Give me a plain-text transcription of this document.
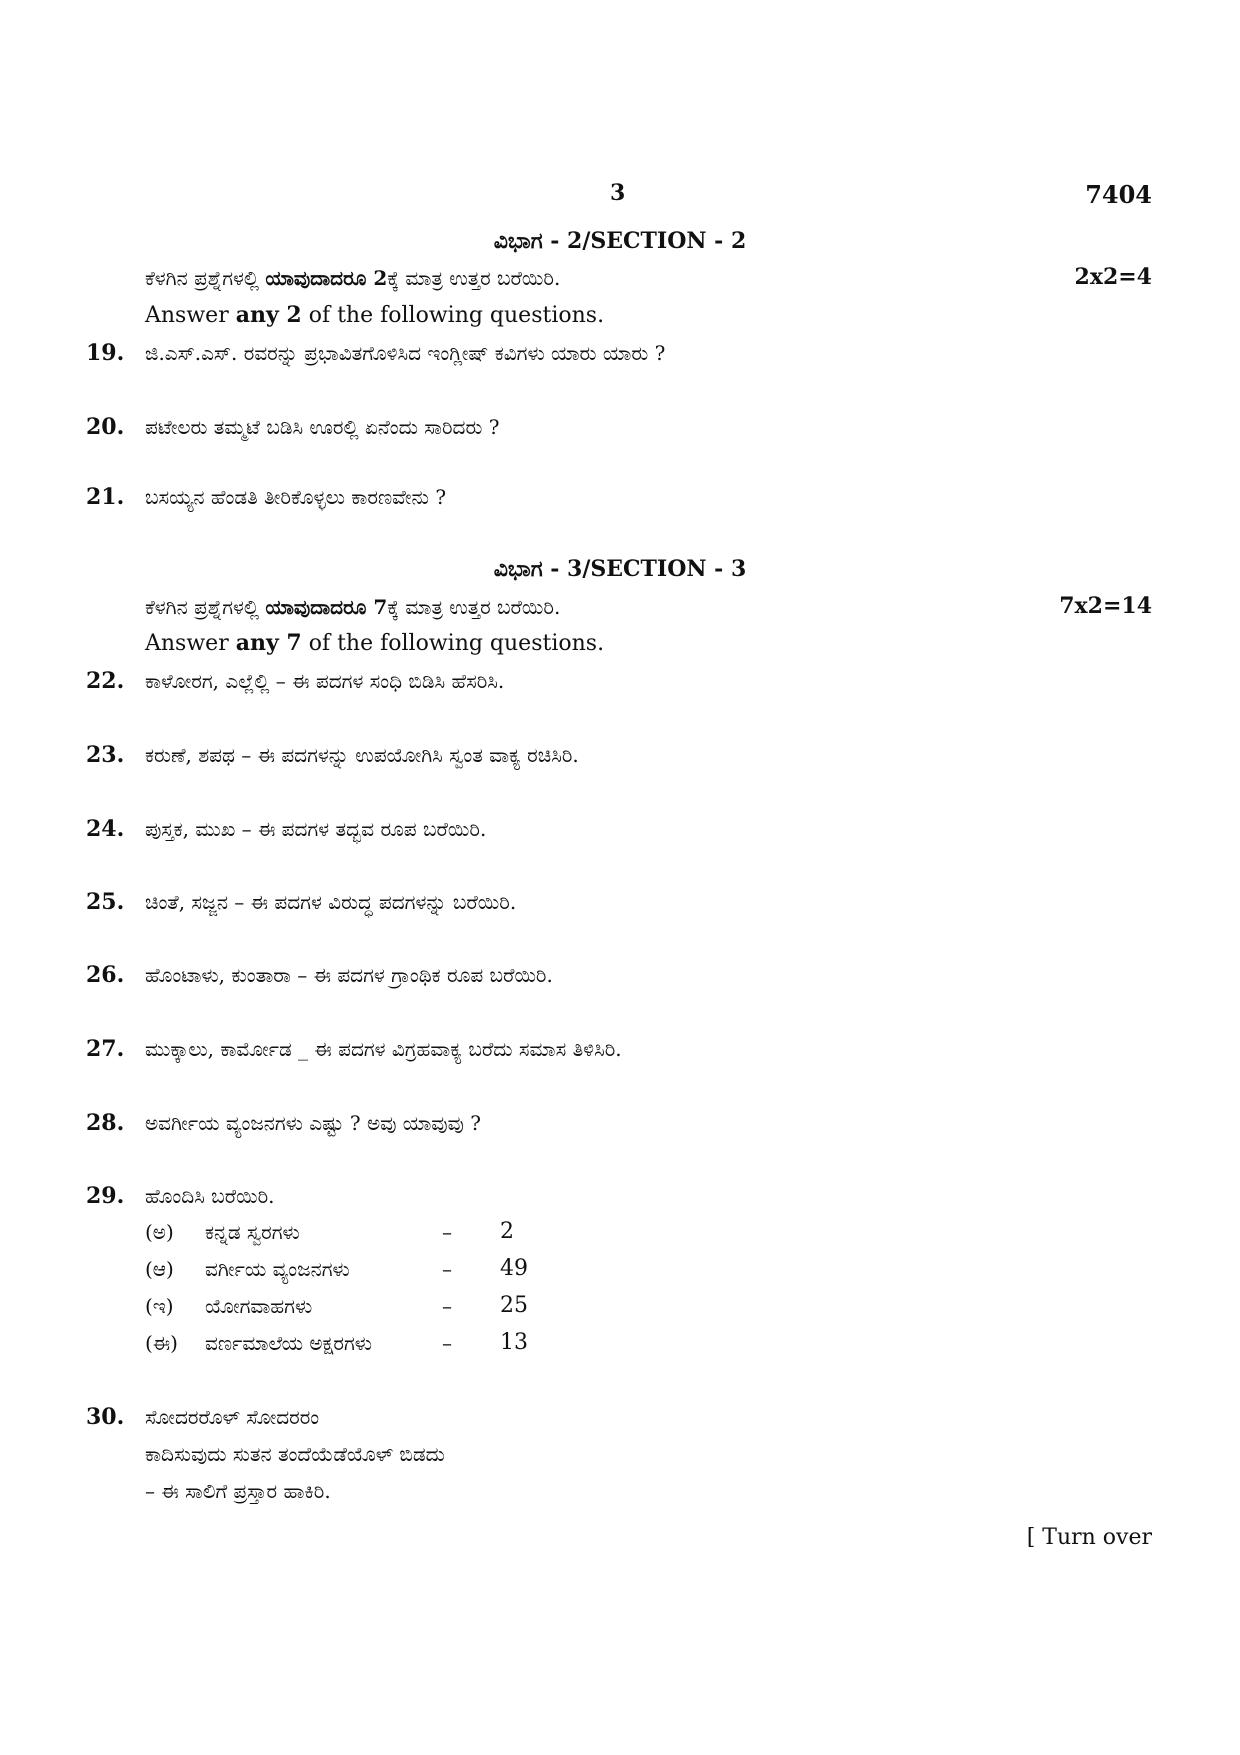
3	7404
ವಿಭಾಗ - 2/SECTION - 2
ಕೆಳಗಿನ ಪ್ರಶ್ನೆಗಳಲ್ಲಿ ಯಾವುದಾದರೂ 2ಕ್ಕೆ ಮಾತ್ರ ಉತ್ತರ ಬರೆಯಿರಿ.	2x2=4
Answer any 2 of the following questions.
19.	ಜಿ.ಎಸ್.ಎಸ್. ರವರನ್ನು ಪ್ರಭಾವಿತಗೊಳಿಸಿದ ಇಂಗ್ಲೀಷ್ ಕವಿಗಳು ಯಾರು ಯಾರು ?
20.	ಪಟೇಲರು ತಮ್ಮಟೆ ಬಡಿಸಿ ಊರಲ್ಲಿ ಏನೆಂದು ಸಾರಿದರು ?
21.	ಬಸಯ್ಯನ ಹೆಂಡತಿ ತೀರಿಕೊಳ್ಳಲು ಕಾರಣವೇನು ?
ವಿಭಾಗ - 3/SECTION - 3
ಕೆಳಗಿನ ಪ್ರಶ್ನೆಗಳಲ್ಲಿ ಯಾವುದಾದರೂ 7ಕ್ಕೆ ಮಾತ್ರ ಉತ್ತರ ಬರೆಯಿರಿ.	7x2=14
Answer any 7 of the following questions.
22.	ಕಾಳೋರಗ, ಎಲ್ಲೆಲ್ಲಿ – ಈ ಪದಗಳ ಸಂಧಿ ಬಿಡಿಸಿ ಹೆಸರಿಸಿ.
23.	ಕರುಣೆ, ಶಪಥ – ಈ ಪದಗಳನ್ನು ಉಪಯೋಗಿಸಿ ಸ್ವಂತ ವಾಕ್ಯ ರಚಿಸಿರಿ.
24.	ಪುಸ್ತಕ, ಮುಖ – ಈ ಪದಗಳ ತದ್ಭವ ರೂಪ ಬರೆಯಿರಿ.
25.	ಚಿಂತೆ, ಸಜ್ಜನ – ಈ ಪದಗಳ ವಿರುದ್ಧ ಪದಗಳನ್ನು ಬರೆಯಿರಿ.
26.	ಹೊಂಟಾಳು, ಕುಂತಾರಾ – ಈ ಪದಗಳ ಗ್ರಾಂಥಿಕ ರೂಪ ಬರೆಯಿರಿ.
27.	ಮುಕ್ಕಾಲು, ಕಾರ್ಮೋಡ _ ಈ ಪದಗಳ ವಿಗ್ರಹವಾಕ್ಯ ಬರೆದು ಸಮಾಸ ತಿಳಿಸಿರಿ.
28.	ಅವರ್ಗೀಯ ವ್ಯಂಜನಗಳು ಎಷ್ಟು ? ಅವು ಯಾವುವು ?
29.	ಹೊಂದಿಸಿ ಬರೆಯಿರಿ.
(ಅ)	ಕನ್ನಡ ಸ್ವರಗಳು	– 2
(ಆ)	ವರ್ಗೀಯ ವ್ಯಂಜನಗಳು	– 49
(ಇ)	ಯೋಗವಾಹಗಳು	– 25
(ಈ)	ವರ್ಣಮಾಲೆಯ ಅಕ್ಷರಗಳು	– 13
30.	ಸೋದರರೊಳ್ ಸೋದರರಂ
ಕಾದಿಸುವುದು ಸುತನ ತಂದೆಯೆಡೆಯೊಳ್ ಬಿಡದು
– ಈ ಸಾಲಿಗೆ ಪ್ರಸ್ತಾರ ಹಾಕಿರಿ.
[ Turn over
